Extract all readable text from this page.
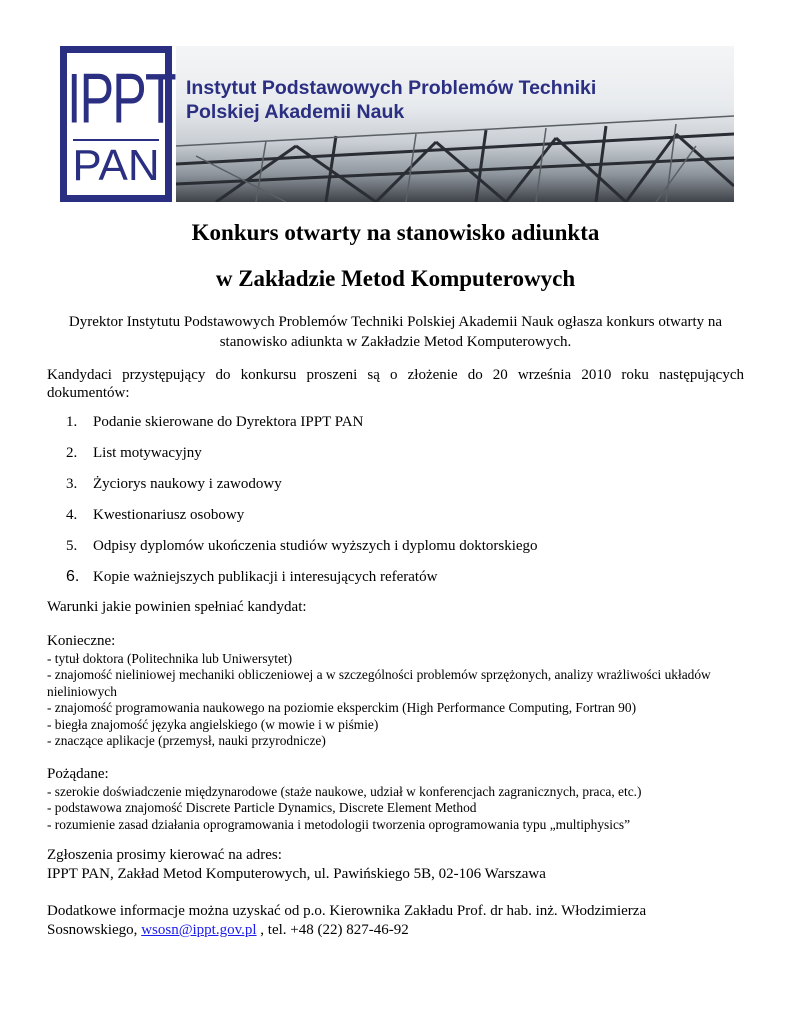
IPPT
PAN
Instytut Podstawowych Problemów Techniki
Polskiej Akademii Nauk
Konkurs otwarty na stanowisko adiunkta
w Zakładzie Metod Komputerowych
Dyrektor Instytutu Podstawowych Problemów Techniki Polskiej Akademii Nauk ogłasza konkurs otwarty na stanowisko adiunkta w Zakładzie Metod Komputerowych.
Kandydaci przystępujący do konkursu proszeni są o złożenie do 20 września 2010 roku następujących dokumentów:
1.	Podanie skierowane do Dyrektora IPPT PAN
2.	List motywacyjny
3.	Życiorys naukowy i zawodowy
4.	Kwestionariusz osobowy
5.	Odpisy dyplomów ukończenia studiów wyższych i dyplomu doktorskiego
6. Kopie ważniejszych publikacji i interesujących referatów
Warunki jakie powinien spełniać kandydat:
Konieczne:
- tytuł doktora (Politechnika lub Uniwersytet)
- znajomość nieliniowej mechaniki obliczeniowej a w szczególności problemów sprzężonych, analizy wrażliwości układów nieliniowych
- znajomość programowania naukowego na poziomie eksperckim (High Performance Computing, Fortran 90)
- biegła znajomość języka angielskiego (w mowie i w piśmie)
- znaczące aplikacje (przemysł, nauki przyrodnicze)
Pożądane:
- szerokie doświadczenie międzynarodowe (staże naukowe, udział w konferencjach zagranicznych, praca, etc.)
- podstawowa znajomość Discrete Particle Dynamics, Discrete Element Method
- rozumienie zasad działania oprogramowania i metodologii tworzenia oprogramowania typu „multiphysics”
Zgłoszenia prosimy kierować na adres:
IPPT PAN, Zakład Metod Komputerowych, ul. Pawińskiego 5B, 02-106 Warszawa
Dodatkowe informacje można uzyskać od p.o. Kierownika Zakładu Prof. dr hab. inż. Włodzimierza
Sosnowskiego, wsosn@ippt.gov.pl , tel. +48 (22) 827-46-92
